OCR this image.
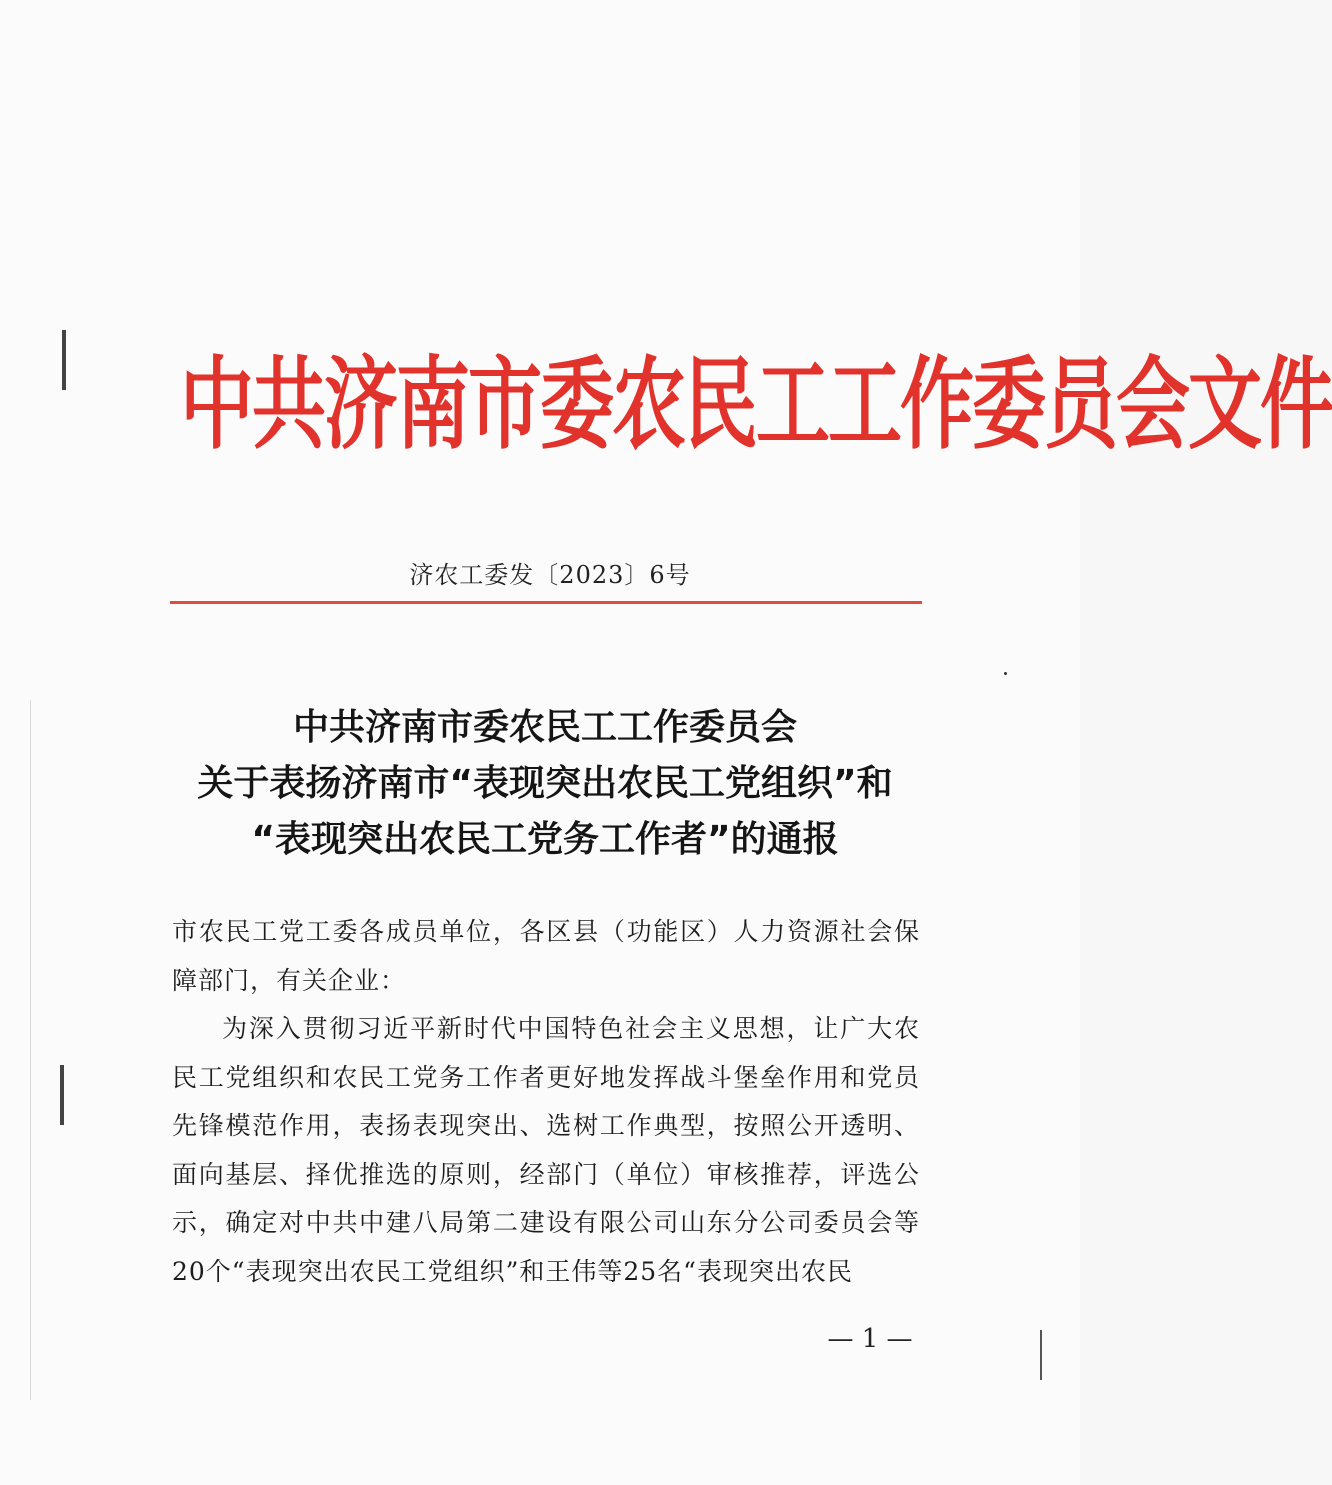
中共济南市委农民工工作委员会文件
济农工委发〔2023〕6号
中共济南市委农民工工作委员会
关于表扬济南市“表现突出农民工党组织”和
“表现突出农民工党务工作者”的通报

市农民工党工委各成员单位，各区县（功能区）人力资源社会保障部门，有关企业：

为深入贯彻习近平新时代中国特色社会主义思想，让广大农民工党组织和农民工党务工作者更好地发挥战斗堡垒作用和党员先锋模范作用，表扬表现突出、选树工作典型，按照公开透明、面向基层、择优推选的原则，经部门（单位）审核推荐，评选公示，确定对中共中建八局第二建设有限公司山东分公司委员会等20个“表现突出农民工党组织”和王伟等25名“表现突出农民

— 1 —
